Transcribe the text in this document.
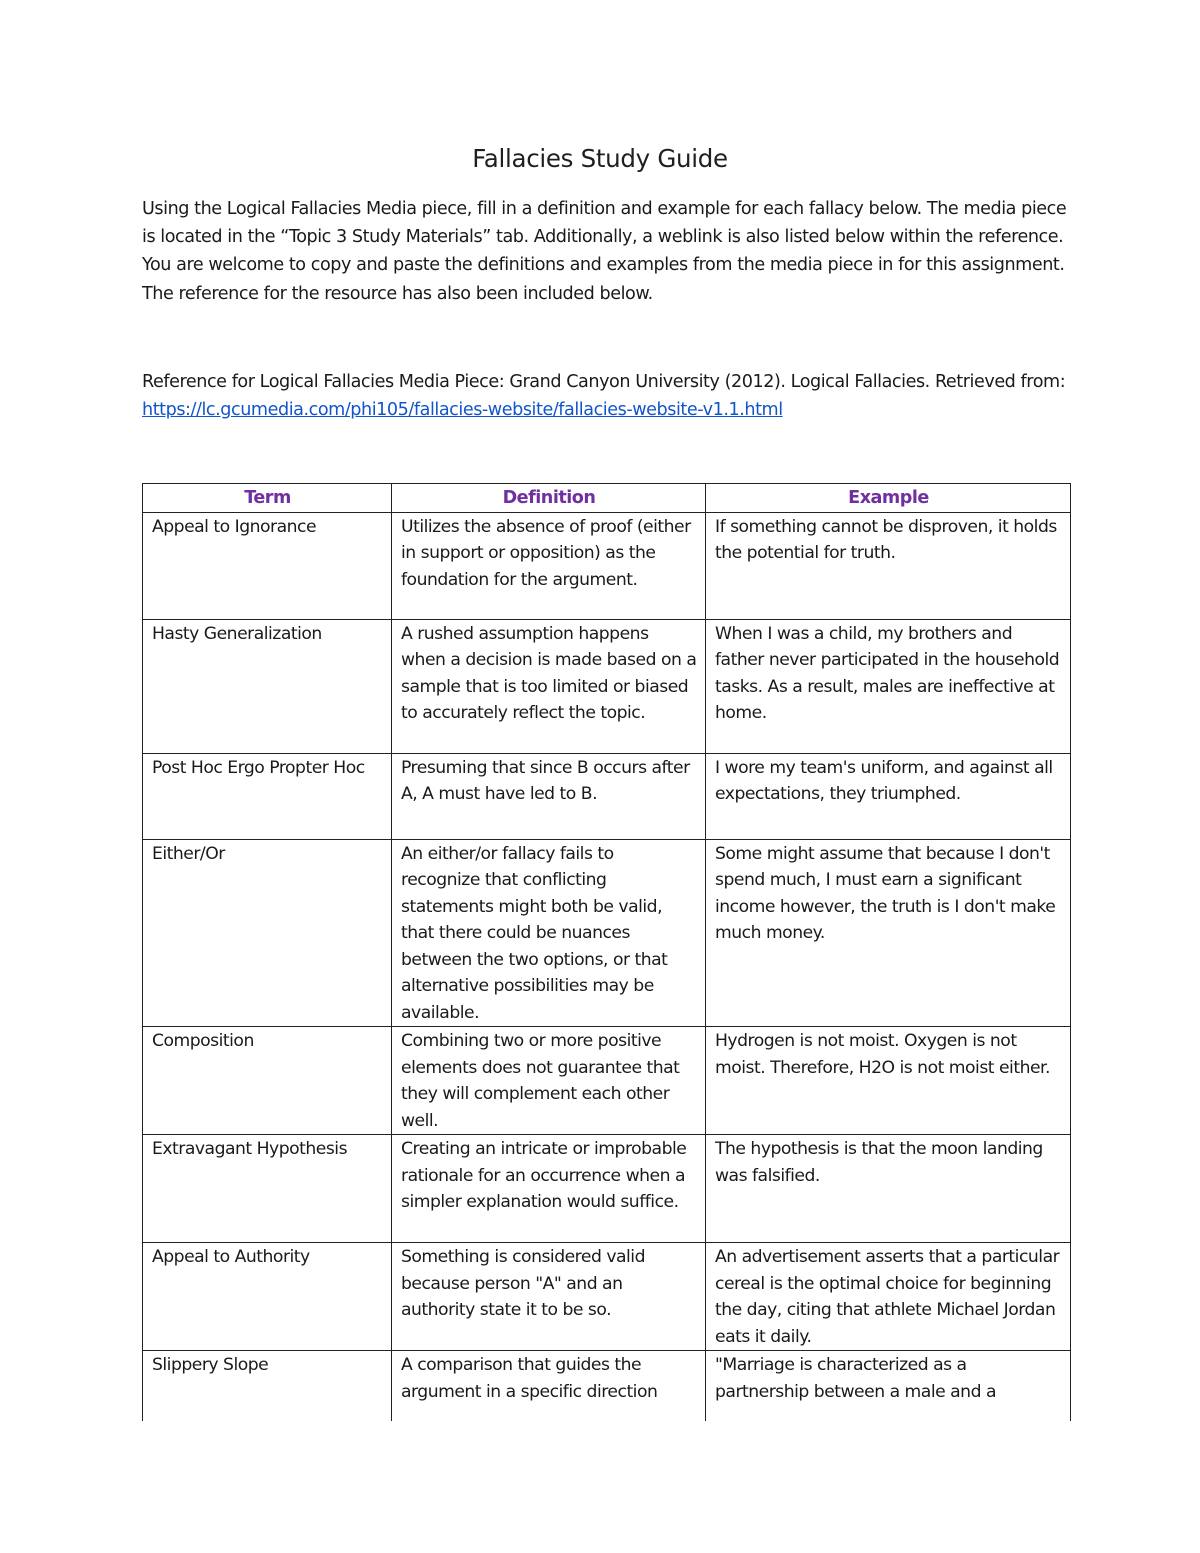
Fallacies Study Guide

Using the Logical Fallacies Media piece, fill in a definition and example for each fallacy below. The media piece is located in the “Topic 3 Study Materials” tab. Additionally, a weblink is also listed below within the reference. You are welcome to copy and paste the definitions and examples from the media piece in for this assignment. The reference for the resource has also been included below.

Reference for Logical Fallacies Media Piece: Grand Canyon University (2012). Logical Fallacies. Retrieved from: https://lc.gcumedia.com/phi105/fallacies-website/fallacies-website-v1.1.html

Term	Definition	Example
Appeal to Ignorance	Utilizes the absence of proof (either in support or opposition) as the foundation for the argument.	If something cannot be disproven, it holds the potential for truth.
Hasty Generalization	A rushed assumption happens when a decision is made based on a sample that is too limited or biased to accurately reflect the topic.	When I was a child, my brothers and father never participated in the household tasks. As a result, males are ineffective at home.
Post Hoc Ergo Propter Hoc	Presuming that since B occurs after A, A must have led to B.	I wore my team's uniform, and against all expectations, they triumphed.
Either/Or	An either/or fallacy fails to recognize that conflicting statements might both be valid, that there could be nuances between the two options, or that alternative possibilities may be available.	Some might assume that because I don't spend much, I must earn a significant income however, the truth is I don't make much money.
Composition	Combining two or more positive elements does not guarantee that they will complement each other well.	Hydrogen is not moist. Oxygen is not moist. Therefore, H2O is not moist either.
Extravagant Hypothesis	Creating an intricate or improbable rationale for an occurrence when a simpler explanation would suffice.	The hypothesis is that the moon landing was falsified.
Appeal to Authority	Something is considered valid because person "A" and an authority state it to be so.	An advertisement asserts that a particular cereal is the optimal choice for beginning the day, citing that athlete Michael Jordan eats it daily.
Slippery Slope	A comparison that guides the argument in a specific direction	"Marriage is characterized as a partnership between a male and a
